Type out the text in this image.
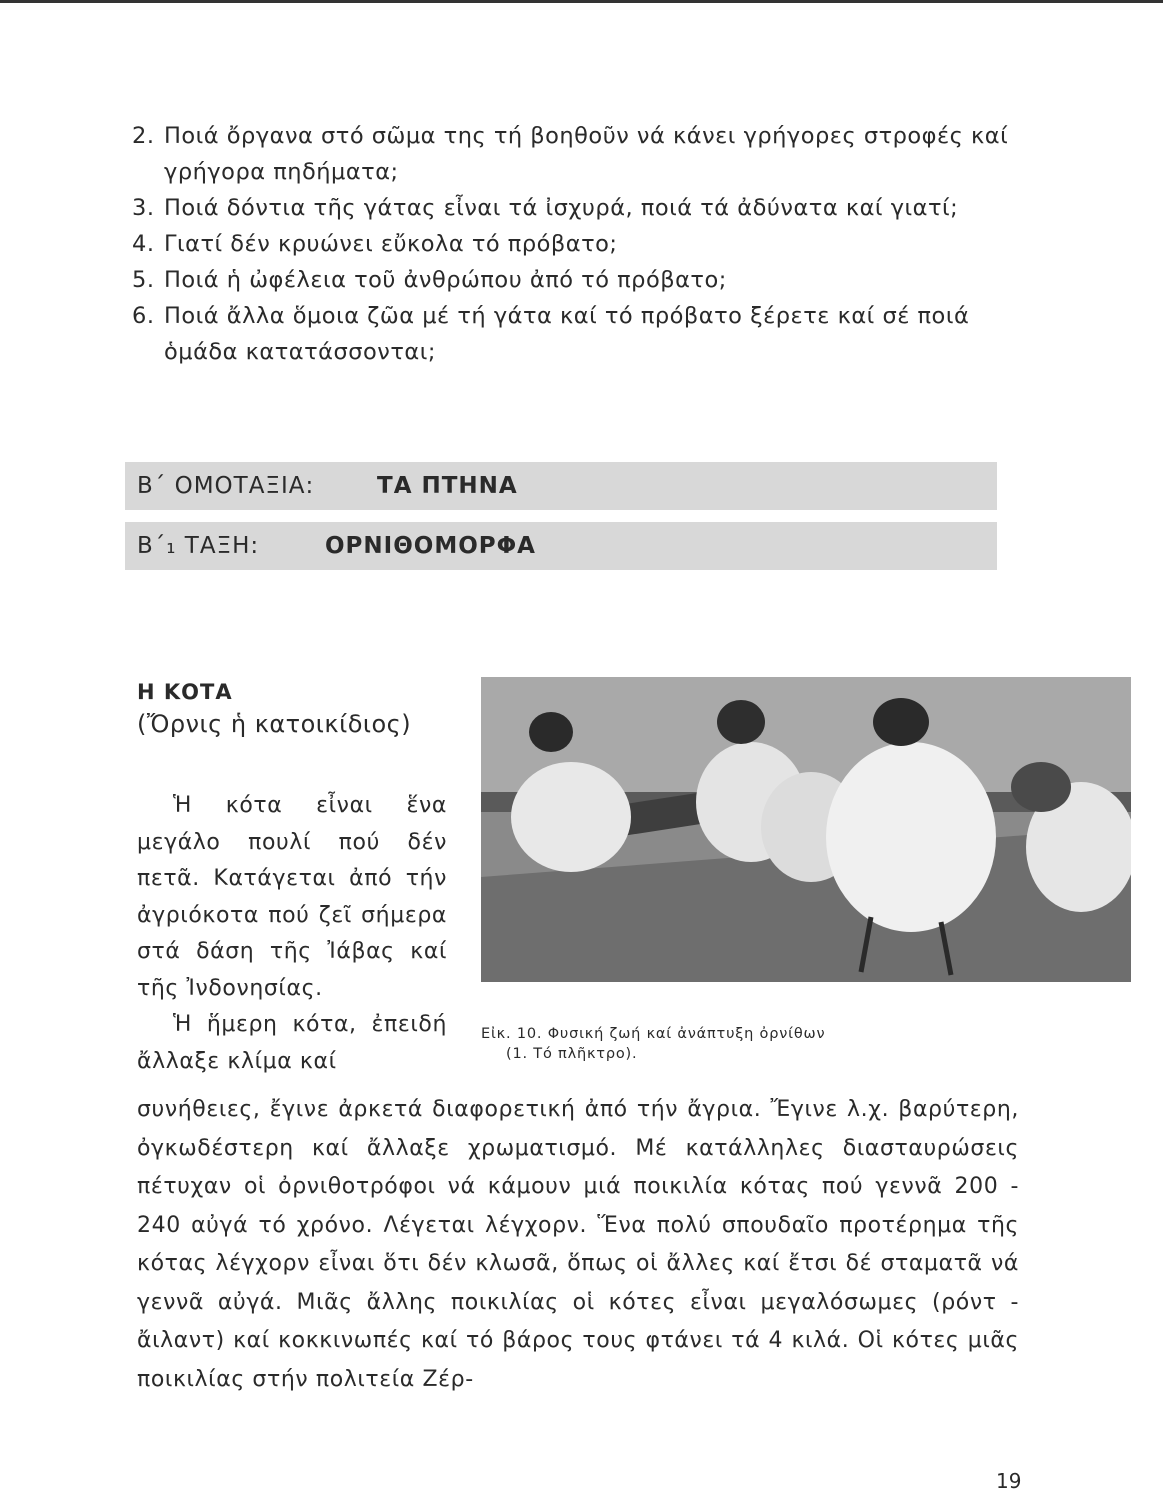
2. Ποιά ὄργανα στό σῶμα της τή βοηθοῦν νά κάνει γρήγορες στροφές καί γρήγορα πηδήματα;
3. Ποιά δόντια τῆς γάτας εἶναι τά ἰσχυρά, ποιά τά ἀδύνατα καί γιατί;
4. Γιατί δέν κρυώνει εὔκολα τό πρόβατο;
5. Ποιά ἡ ὠφέλεια τοῦ ἀνθρώπου ἀπό τό πρόβατο;
6. Ποιά ἄλλα ὅμοια ζῶα μέ τή γάτα καί τό πρόβατο ξέρετε καί σέ ποιά ὁμάδα κατατάσσονται;
Β΄ ΟΜΟΤΑΞΙΑ:	ΤΑ ΠΤΗΝΑ
Β΄₁ ΤΑΞΗ:	ΟΡΝΙΘΟΜΟΡΦΑ
Η ΚΟΤΑ
(Ὄρνις ἡ κατοικίδιος)

Ἡ κότα εἶναι ἕνα μεγάλο πουλί πού δέν πετᾶ. Κατάγεται ἀπό τήν ἀγριόκοτα πού ζεῖ σήμερα στά δάση τῆς Ἰάβας καί τῆς Ἰνδονησίας.

Ἡ ἥμερη κότα, ἐπειδή ἄλλαξε κλίμα καί

Εἰκ. 10. Φυσική ζωή καί ἀνάπτυξη ὀρνίθων
(1. Τό πλῆκτρο).

συνήθειες, ἔγινε ἀρκετά διαφορετική ἀπό τήν ἄγρια. Ἔγινε λ.χ. βαρύτερη, ὀγκωδέστερη καί ἄλλαξε χρωματισμό. Μέ κατάλληλες διασταυρώσεις πέτυχαν οἱ ὀρνιθοτρόφοι νά κάμουν μιά ποικιλία κότας πού γεννᾶ 200 - 240 αὐγά τό χρόνο. Λέγεται λέγχορν. Ἕνα πολύ σπουδαῖο προτέρημα τῆς κότας λέγχορν εἶναι ὅτι δέν κλωσᾶ, ὅπως οἱ ἄλλες καί ἔτσι δέ σταματᾶ νά γεννᾶ αὐγά. Μιᾶς ἄλλης ποικιλίας οἱ κότες εἶναι μεγαλόσωμες (ρόντ - ἄιλαντ) καί κοκκινωπές καί τό βάρος τους φτάνει τά 4 κιλά. Οἱ κότες μιᾶς ποικιλίας στήν πολιτεία Ζέρ-

19
